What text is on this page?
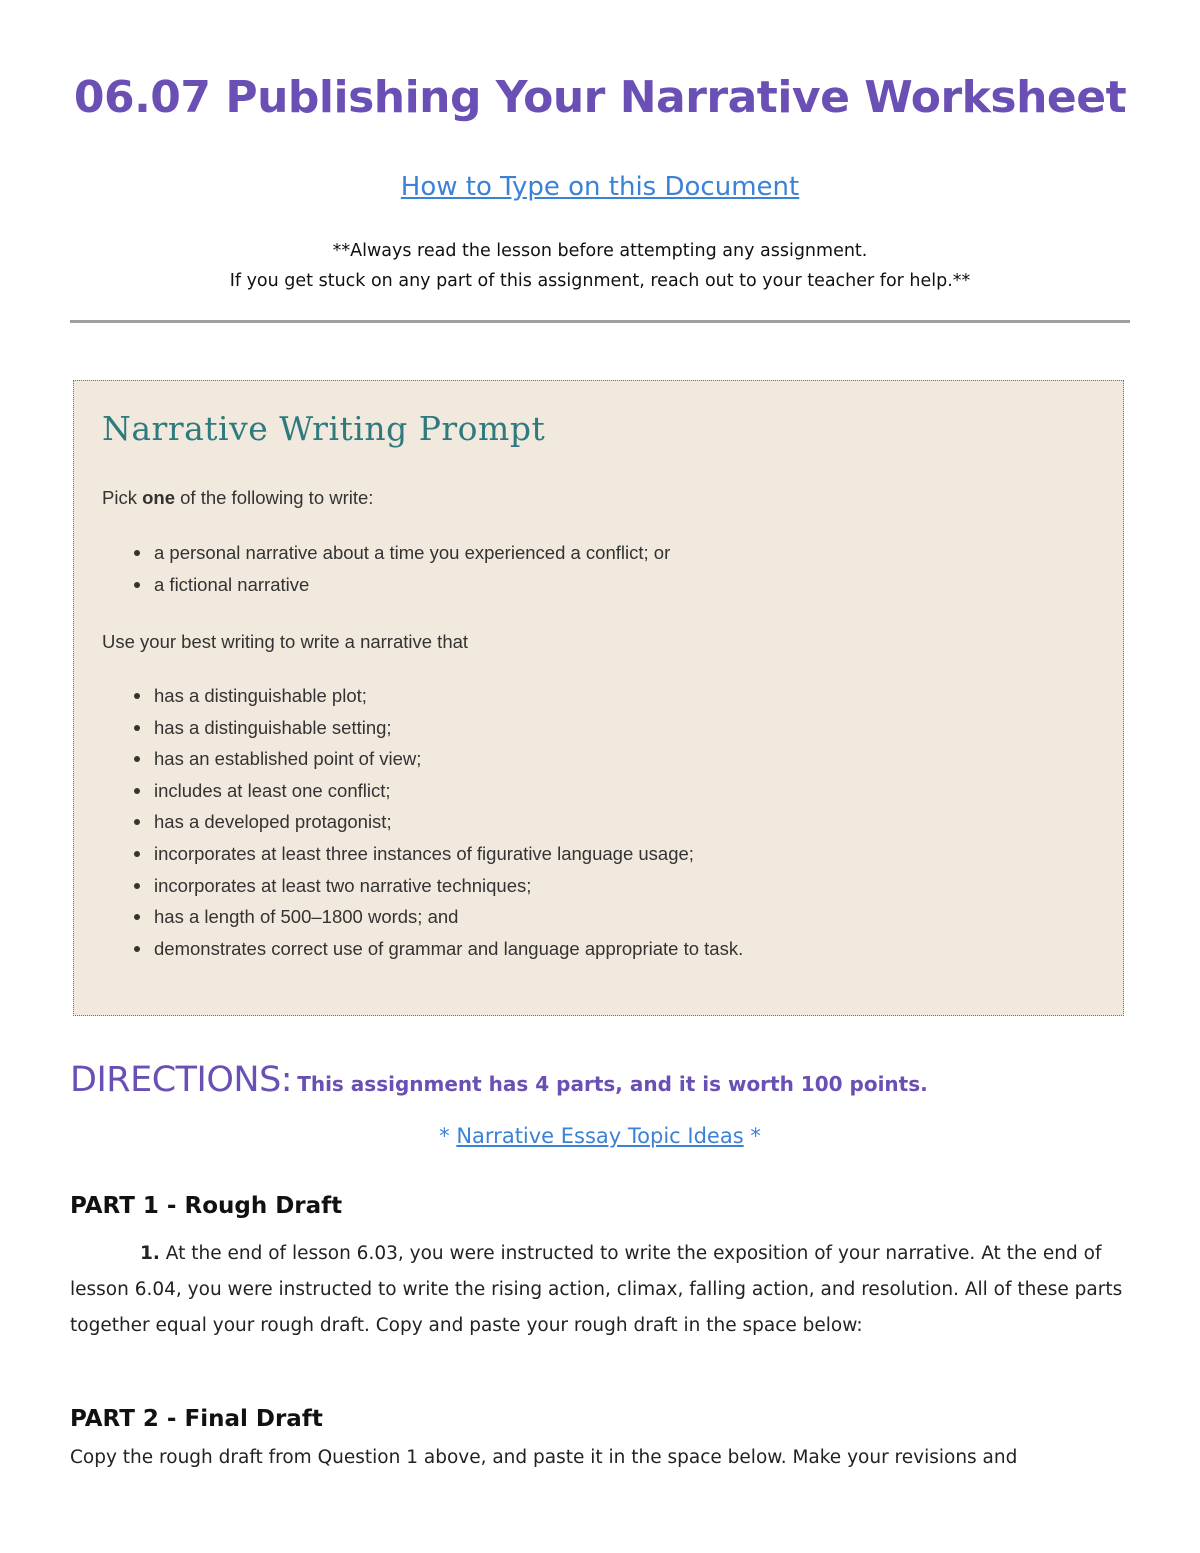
06.07 Publishing Your Narrative Worksheet
How to Type on this Document
**Always read the lesson before attempting any assignment.
If you get stuck on any part of this assignment, reach out to your teacher for help.**
Narrative Writing Prompt
Pick one of the following to write:
a personal narrative about a time you experienced a conflict; or
a fictional narrative
Use your best writing to write a narrative that
has a distinguishable plot;
has a distinguishable setting;
has an established point of view;
includes at least one conflict;
has a developed protagonist;
incorporates at least three instances of figurative language usage;
incorporates at least two narrative techniques;
has a length of 500–1800 words; and
demonstrates correct use of grammar and language appropriate to task.
DIRECTIONS: This assignment has 4 parts, and it is worth 100 points.
* Narrative Essay Topic Ideas *
PART 1 - Rough Draft
1. At the end of lesson 6.03, you were instructed to write the exposition of your narrative. At the end of lesson 6.04, you were instructed to write the rising action, climax, falling action, and resolution. All of these parts together equal your rough draft. Copy and paste your rough draft in the space below:
PART 2 - Final Draft
Copy the rough draft from Question 1 above, and paste it in the space below. Make your revisions and
